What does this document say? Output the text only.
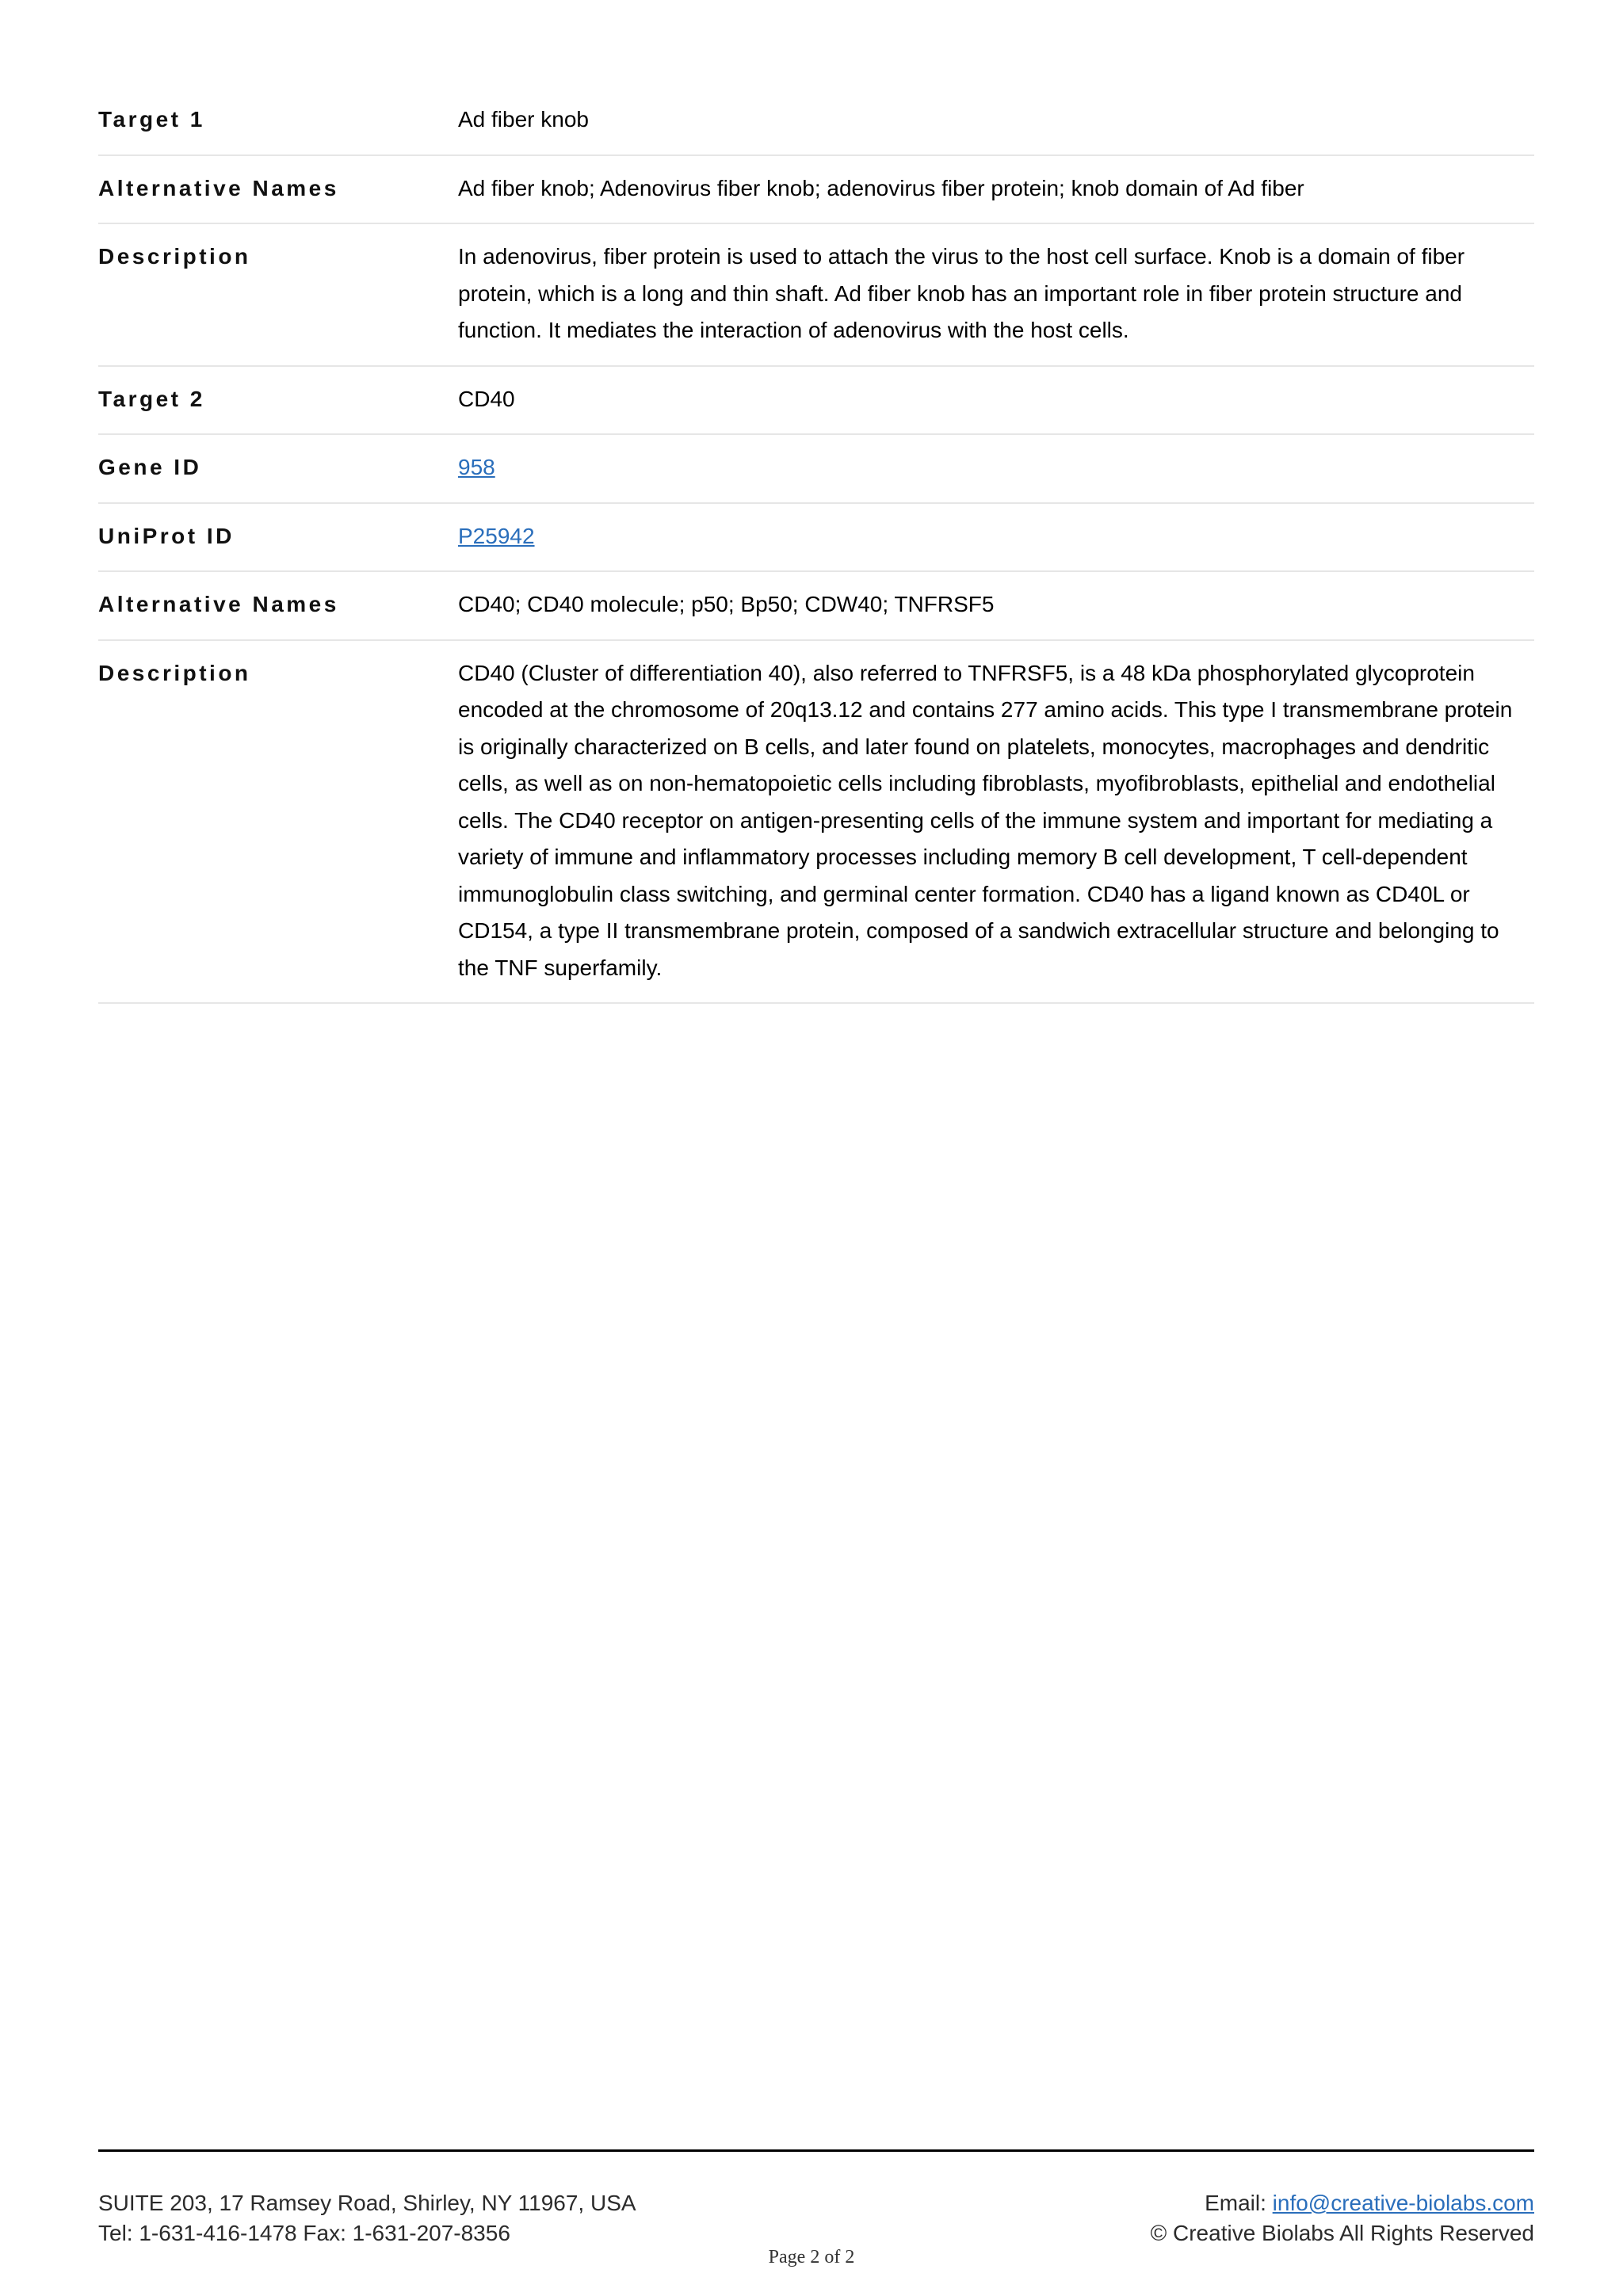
Target 1	Ad fiber knob
Alternative Names	Ad fiber knob; Adenovirus fiber knob; adenovirus fiber protein; knob domain of Ad fiber
Description	In adenovirus, fiber protein is used to attach the virus to the host cell surface. Knob is a domain of fiber protein, which is a long and thin shaft. Ad fiber knob has an important role in fiber protein structure and function. It mediates the interaction of adenovirus with the host cells.
Target 2	CD40
Gene ID	958
UniProt ID	P25942
Alternative Names	CD40; CD40 molecule; p50; Bp50; CDW40; TNFRSF5
Description	CD40 (Cluster of differentiation 40), also referred to TNFRSF5, is a 48 kDa phosphorylated glycoprotein encoded at the chromosome of 20q13.12 and contains 277 amino acids. This type I transmembrane protein is originally characterized on B cells, and later found on platelets, monocytes, macrophages and dendritic cells, as well as on non-hematopoietic cells including fibroblasts, myofibroblasts, epithelial and endothelial cells. The CD40 receptor on antigen-presenting cells of the immune system and important for mediating a variety of immune and inflammatory processes including memory B cell development, T cell-dependent immunoglobulin class switching, and germinal center formation. CD40 has a ligand known as CD40L or CD154, a type II transmembrane protein, composed of a sandwich extracellular structure and belonging to the TNF superfamily.
SUITE 203, 17 Ramsey Road, Shirley, NY 11967, USA
Tel: 1-631-416-1478 Fax: 1-631-207-8356
Email: info@creative-biolabs.com
© Creative Biolabs All Rights Reserved
Page 2 of 2
